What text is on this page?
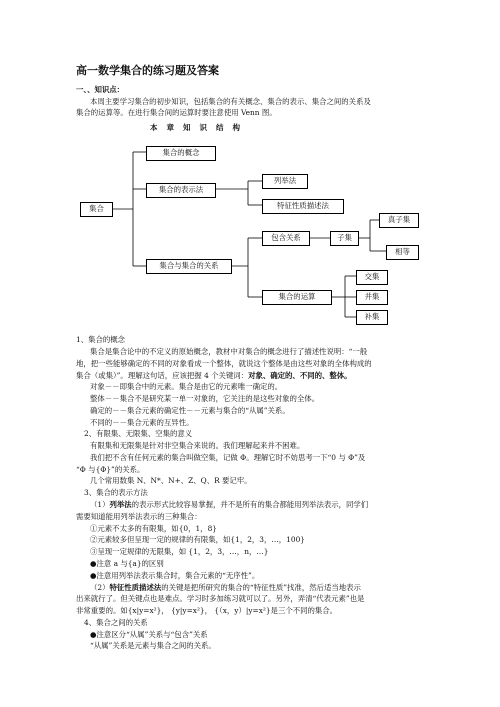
高一数学集合的练习题及答案
一、、知识点：
本周主要学习集合的初步知识，包括集合的有关概念、集合的表示、集合之间的关系及
集合的运算等。在进行集合间的运算时要注意使用 Venn 图。
本章知识结构
集合
集合的概念
集合的表示法
列举法
特征性质描述法
集合与集合的关系
包含关系	子集
真子集
相等
集合的运算
交集
并集
补集
1、集合的概念
集合是集合论中的不定义的原始概念，教材中对集合的概念进行了描述性说明：“一般
地，把一些能够确定的不同的对象看成一个整体，就说这个整体是由这些对象的全体构成的
集合（或集）”。理解这句话，应该把握 4 个关键词：对象、确定的、不同的、整体。
对象－－即集合中的元素。集合是由它的元素唯一确定的。
整体－－集合不是研究某一单一对象的，它关注的是这些对象的全体。
确定的－－集合元素的确定性－－元素与集合的“从属”关系。
不同的－－集合元素的互异性。
2、有限集、无限集、空集的意义
有限集和无限集是针对非空集合来说的。我们理解起来并不困难。
我们把不含有任何元素的集合叫做空集，记做 Φ。理解它时不妨思考一下“0 与 Φ”及
“Φ 与{Φ}”的关系。
几个常用数集 N、N*、N+、Z、Q、R 要记牢。
3、集合的表示方法
（1）列举法的表示形式比较容易掌握，并不是所有的集合都能用列举法表示，同学们
需要知道能用列举法表示的三种集合：
①元素不太多的有限集，如{0，1，8}
②元素较多但呈现一定的规律的有限集，如{1，2，3，…，100}
③呈现一定规律的无限集，如 {1，2，3，…，n，…}
●注意 a 与{a}的区别
●注意用列举法表示集合时，集合元素的“无序性”。
（2）特征性质描述法的关键是把所研究的集合的“特征性质”找准，然后适当地表示
出来就行了。但关键点也是难点。学习时多加练习就可以了。另外，弄清“代表元素”也是
非常重要的。如{x|y=x²}， {y|y=x²}， {（x，y）|y=x²}是三个不同的集合。
4、集合之间的关系
●注意区分“从属”关系与“包含”关系
“从属”关系是元素与集合之间的关系。
